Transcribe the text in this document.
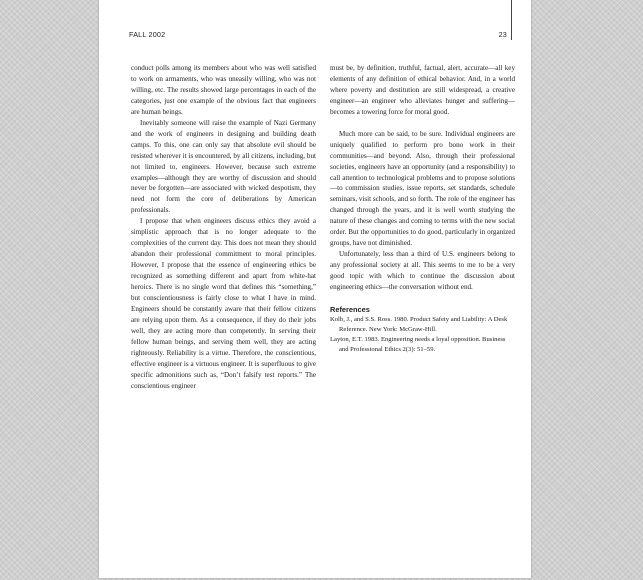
FALL 2002	23

conduct polls among its members about who was well satisfied to work on armaments, who was uneasily willing, who was not willing, etc. The results showed large percentages in each of the categories, just one example of the obvious fact that engineers are human beings.

Inevitably someone will raise the example of Nazi Germany and the work of engineers in designing and building death camps. To this, one can only say that absolute evil should be resisted wherever it is encountered, by all citizens, including, but not limited to, engineers. However, because such extreme examples—although they are worthy of discussion and should never be forgotten—are associated with wicked despotism, they need not form the core of deliberations by American professionals.

I propose that when engineers discuss ethics they avoid a simplistic approach that is no longer adequate to the complexities of the current day. This does not mean they should abandon their professional commitment to moral principles. However, I propose that the essence of engineering ethics be recognized as something different and apart from white-hat heroics. There is no single word that defines this “something,” but conscientiousness is fairly close to what I have in mind. Engineers should be constantly aware that their fellow citizens are relying upon them. As a consequence, if they do their jobs well, they are acting more than competently. In serving their fellow human beings, and serving them well, they are acting righteously. Reliability is a virtue. Therefore, the conscientious, effective engineer is a virtuous engineer. It is superfluous to give specific admonitions such as, “Don’t falsify test reports.” The conscientious engineer

must be, by definition, truthful, factual, alert, accurate—all key elements of any definition of ethical behavior. And, in a world where poverty and destitution are still widespread, a creative engineer—an engineer who alleviates hunger and suffering—becomes a towering force for moral good.

Much more can be said, to be sure. Individual engineers are uniquely qualified to perform pro bono work in their communities—and beyond. Also, through their professional societies, engineers have an opportunity (and a responsibility) to call attention to technological problems and to propose solutions—to commission studies, issue reports, set standards, schedule seminars, visit schools, and so forth. The role of the engineer has changed through the years, and it is well worth studying the nature of these changes and coming to terms with the new social order. But the opportunities to do good, particularly in organized groups, have not diminished.

Unfortunately, less than a third of U.S. engineers belong to any professional society at all. This seems to me to be a very good topic with which to continue the discussion about engineering ethics—the conversation without end.

References

Kolb, J., and S.S. Ross. 1980. Product Safety and Liability: A Desk Reference. New York: McGraw-Hill.

Layton, E.T. 1983. Engineering needs a loyal opposition. Business and Professional Ethics 2(3): 51–59.
